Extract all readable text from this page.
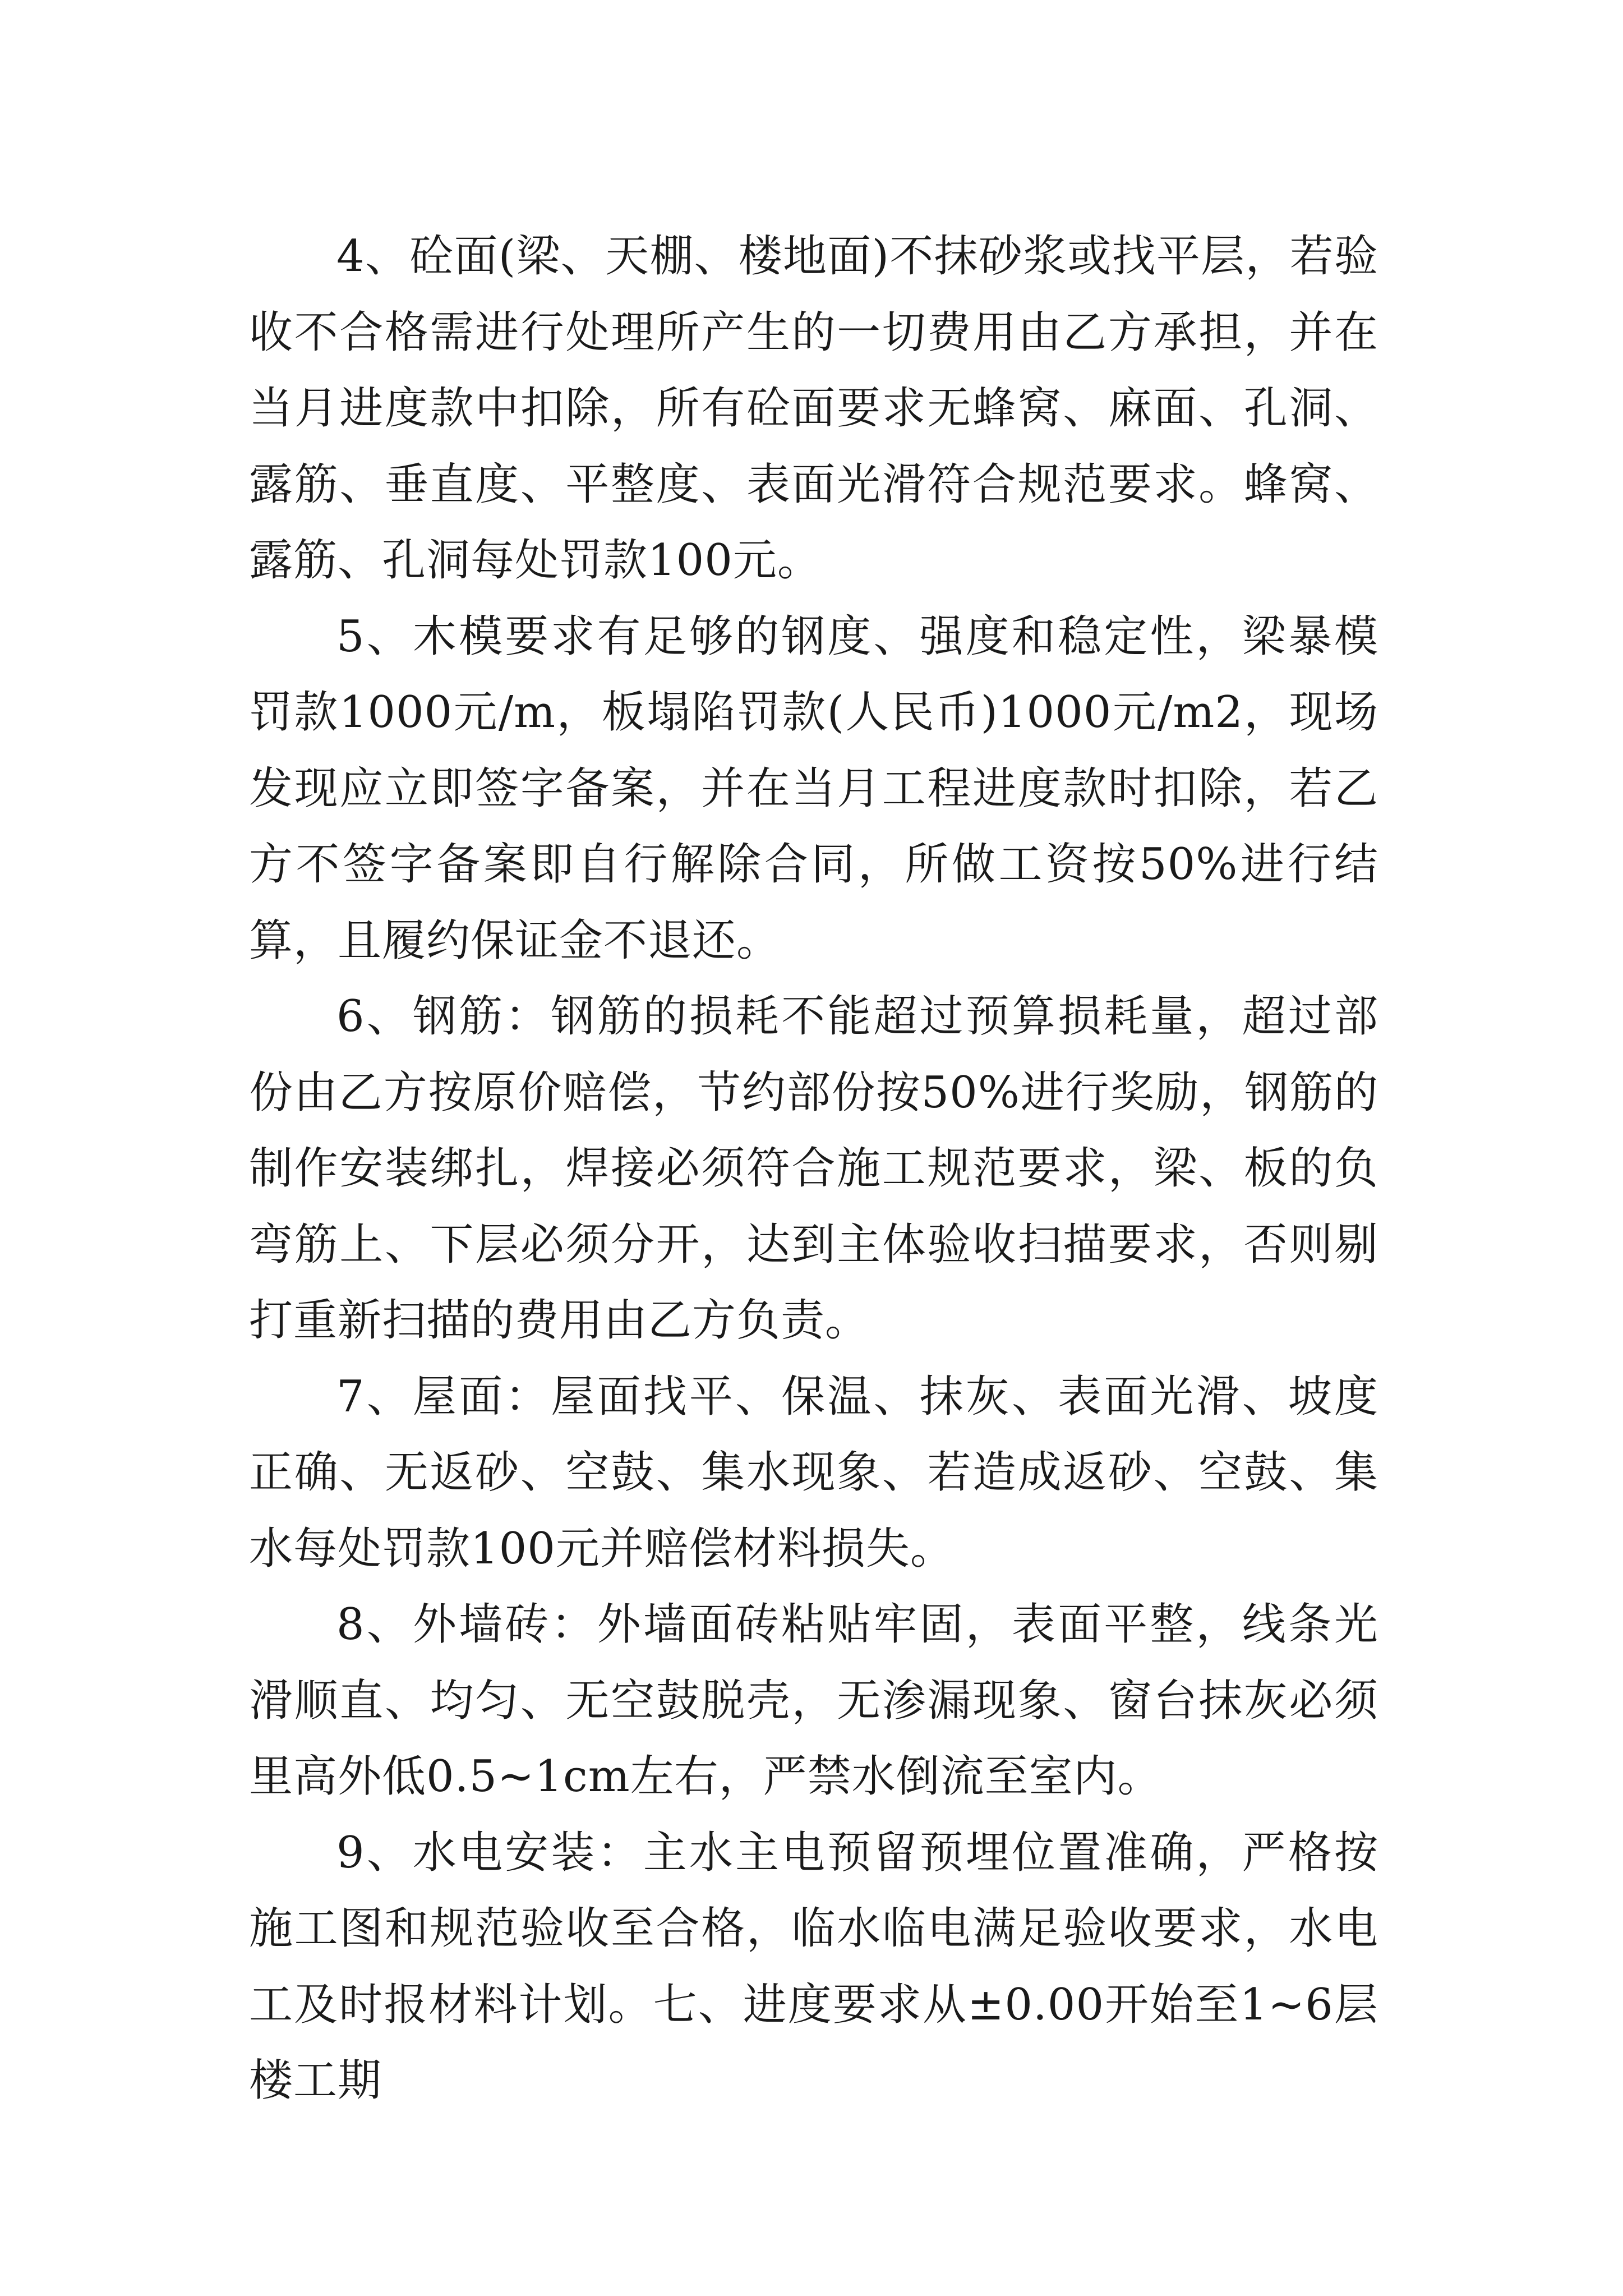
4、砼面(梁、天棚、楼地面)不抹砂浆或找平层，若验收不合格需进行处理所产生的一切费用由乙方承担，并在当月进度款中扣除，所有砼面要求无蜂窝、麻面、孔洞、露筋、垂直度、平整度、表面光滑符合规范要求。蜂窝、露筋、孔洞每处罚款100元。

5、木模要求有足够的钢度、强度和稳定性，梁暴模罚款1000元/m，板塌陷罚款(人民币)1000元/m2，现场发现应立即签字备案，并在当月工程进度款时扣除，若乙方不签字备案即自行解除合同，所做工资按50%进行结算，且履约保证金不退还。

6、钢筋：钢筋的损耗不能超过预算损耗量，超过部份由乙方按原价赔偿，节约部份按50%进行奖励，钢筋的制作安装绑扎，焊接必须符合施工规范要求，梁、板的负弯筋上、下层必须分开，达到主体验收扫描要求，否则剔打重新扫描的费用由乙方负责。

7、屋面：屋面找平、保温、抹灰、表面光滑、坡度正确、无返砂、空鼓、集水现象、若造成返砂、空鼓、集水每处罚款100元并赔偿材料损失。

8、外墙砖：外墙面砖粘贴牢固，表面平整，线条光滑顺直、均匀、无空鼓脱壳，无渗漏现象、窗台抹灰必须里高外低0.5~1cm左右，严禁水倒流至室内。

9、水电安装：主水主电预留预埋位置准确，严格按施工图和规范验收至合格，临水临电满足验收要求，水电工及时报材料计划。七、进度要求从±0.00开始至1~6层楼工期
